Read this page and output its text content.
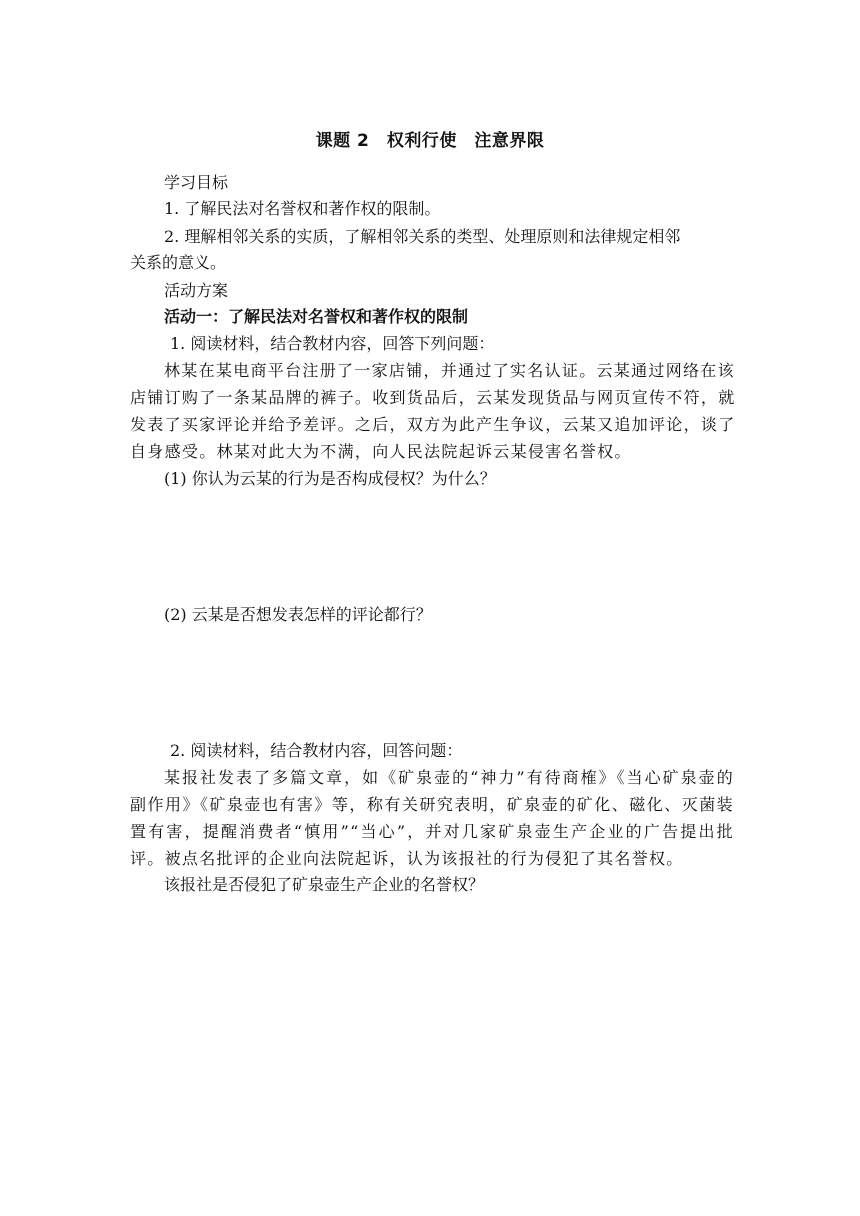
课题 2　权利行使　注意界限
学习目标
1. 了解民法对名誉权和著作权的限制。
2. 理解相邻关系的实质，了解相邻关系的类型、处理原则和法律规定相邻
关系的意义。
活动方案
活动一：了解民法对名誉权和著作权的限制
1. 阅读材料，结合教材内容，回答下列问题：
林某在某电商平台注册了一家店铺，并通过了实名认证。云某通过网络在该
店铺订购了一条某品牌的裤子。收到货品后，云某发现货品与网页宣传不符，就
发表了买家评论并给予差评。之后，双方为此产生争议，云某又追加评论，谈了
自身感受。林某对此大为不满，向人民法院起诉云某侵害名誉权。
(1) 你认为云某的行为是否构成侵权？为什么？
(2) 云某是否想发表怎样的评论都行？
2. 阅读材料，结合教材内容，回答问题：
某报社发表了多篇文章，如《矿泉壶的“神力”有待商榷》《当心矿泉壶的
副作用》《矿泉壶也有害》等，称有关研究表明，矿泉壶的矿化、磁化、灭菌装
置有害，提醒消费者“慎用”“当心”，并对几家矿泉壶生产企业的广告提出批
评。被点名批评的企业向法院起诉，认为该报社的行为侵犯了其名誉权。
该报社是否侵犯了矿泉壶生产企业的名誉权？
